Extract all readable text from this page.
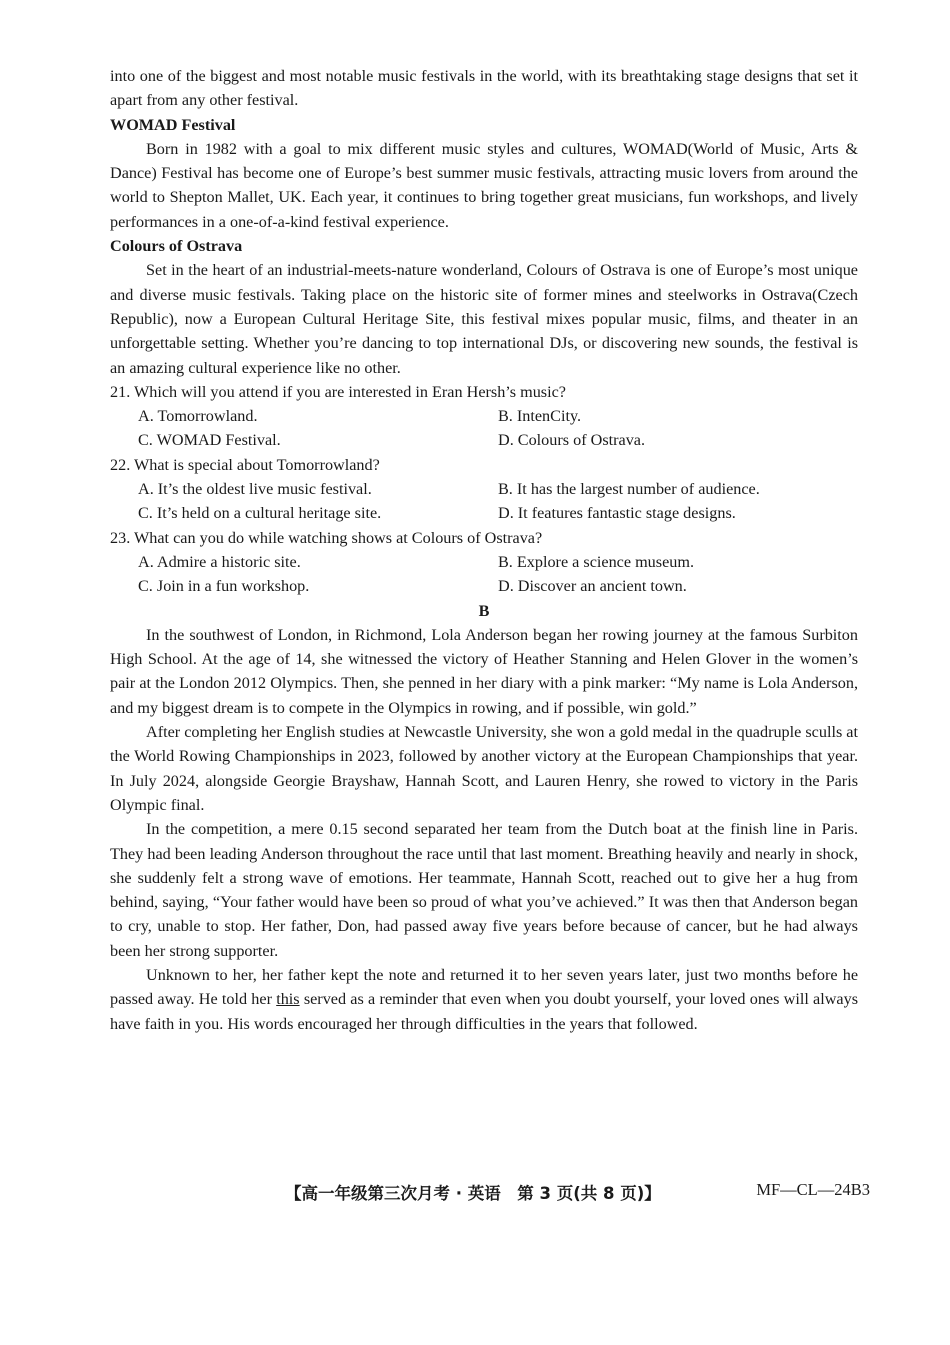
into one of the biggest and most notable music festivals in the world, with its breathtaking stage designs that set it apart from any other festival.

WOMAD Festival

Born in 1982 with a goal to mix different music styles and cultures, WOMAD(World of Music, Arts & Dance) Festival has become one of Europe’s best summer music festivals, attracting music lovers from around the world to Shepton Mallet, UK. Each year, it continues to bring together great musicians, fun workshops, and lively performances in a one-of-a-kind festival experience.

Colours of Ostrava

Set in the heart of an industrial-meets-nature wonderland, Colours of Ostrava is one of Europe’s most unique and diverse music festivals. Taking place on the historic site of former mines and steelworks in Ostrava(Czech Republic), now a European Cultural Heritage Site, this festival mixes popular music, films, and theater in an unforgettable setting. Whether you’re dancing to top international DJs, or discovering new sounds, the festival is an amazing cultural experience like no other.

21. Which will you attend if you are interested in Eran Hersh’s music?
A. Tomorrowland.	B. IntenCity.
C. WOMAD Festival.	D. Colours of Ostrava.
22. What is special about Tomorrowland?
A. It’s the oldest live music festival.	B. It has the largest number of audience.
C. It’s held on a cultural heritage site.	D. It features fantastic stage designs.
23. What can you do while watching shows at Colours of Ostrava?
A. Admire a historic site.	B. Explore a science museum.
C. Join in a fun workshop.	D. Discover an ancient town.
B

In the southwest of London, in Richmond, Lola Anderson began her rowing journey at the famous Surbiton High School. At the age of 14, she witnessed the victory of Heather Stanning and Helen Glover in the women’s pair at the London 2012 Olympics. Then, she penned in her diary with a pink marker: “My name is Lola Anderson, and my biggest dream is to compete in the Olympics in rowing, and if possible, win gold.”

After completing her English studies at Newcastle University, she won a gold medal in the quadruple sculls at the World Rowing Championships in 2023, followed by another victory at the European Championships that year. In July 2024, alongside Georgie Brayshaw, Hannah Scott, and Lauren Henry, she rowed to victory in the Paris Olympic final.

In the competition, a mere 0.15 second separated her team from the Dutch boat at the finish line in Paris. They had been leading Anderson throughout the race until that last moment. Breathing heavily and nearly in shock, she suddenly felt a strong wave of emotions. Her teammate, Hannah Scott, reached out to give her a hug from behind, saying, “Your father would have been so proud of what you’ve achieved.” It was then that Anderson began to cry, unable to stop. Her father, Don, had passed away five years before because of cancer, but he had always been her strong supporter.

Unknown to her, her father kept the note and returned it to her seven years later, just two months before he passed away. He told her this served as a reminder that even when you doubt yourself, your loved ones will always have faith in you. His words encouraged her through difficulties in the years that followed.

【高一年级第三次月考 · 英语　第 3 页(共 8 页)】	MF—CL—24B3
